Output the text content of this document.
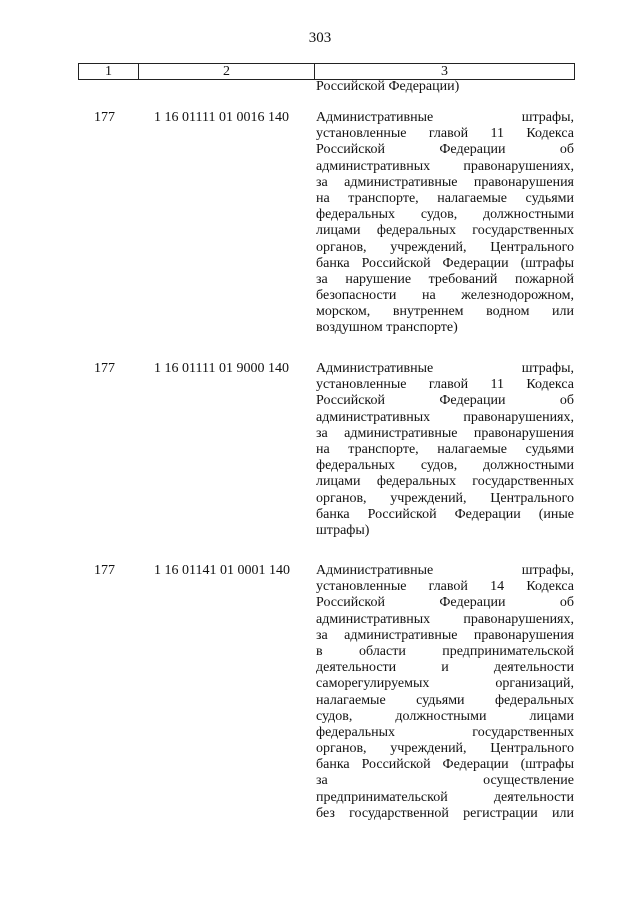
303
1	2	3
Российской Федерации)
177	1 16 01111 01 0016 140 Административные штрафы,
установленные главой 11 Кодекса
Российской Федерации об
административных правонарушениях,
за административные правонарушения
на транспорте, налагаемые судьями
федеральных судов, должностными
лицами федеральных государственных
органов, учреждений, Центрального
банка Российской Федерации (штрафы
за нарушение требований пожарной
безопасности на железнодорожном,
морском, внутреннем водном или
воздушном транспорте)
177	1 16 01111 01 9000 140 Административные штрафы,
установленные главой 11 Кодекса
Российской Федерации об
административных правонарушениях,
за административные правонарушения
на транспорте, налагаемые судьями
федеральных судов, должностными
лицами федеральных государственных
органов, учреждений, Центрального
банка Российской Федерации (иные
штрафы)
177	1 16 01141 01 0001 140 Административные штрафы,
установленные главой 14 Кодекса
Российской Федерации об
административных правонарушениях,
за административные правонарушения
в области предпринимательской
деятельности и деятельности
саморегулируемых организаций,
налагаемые судьями федеральных
судов, должностными лицами
федеральных государственных
органов, учреждений, Центрального
банка Российской Федерации (штрафы
за осуществление
предпринимательской деятельности
без государственной регистрации или
